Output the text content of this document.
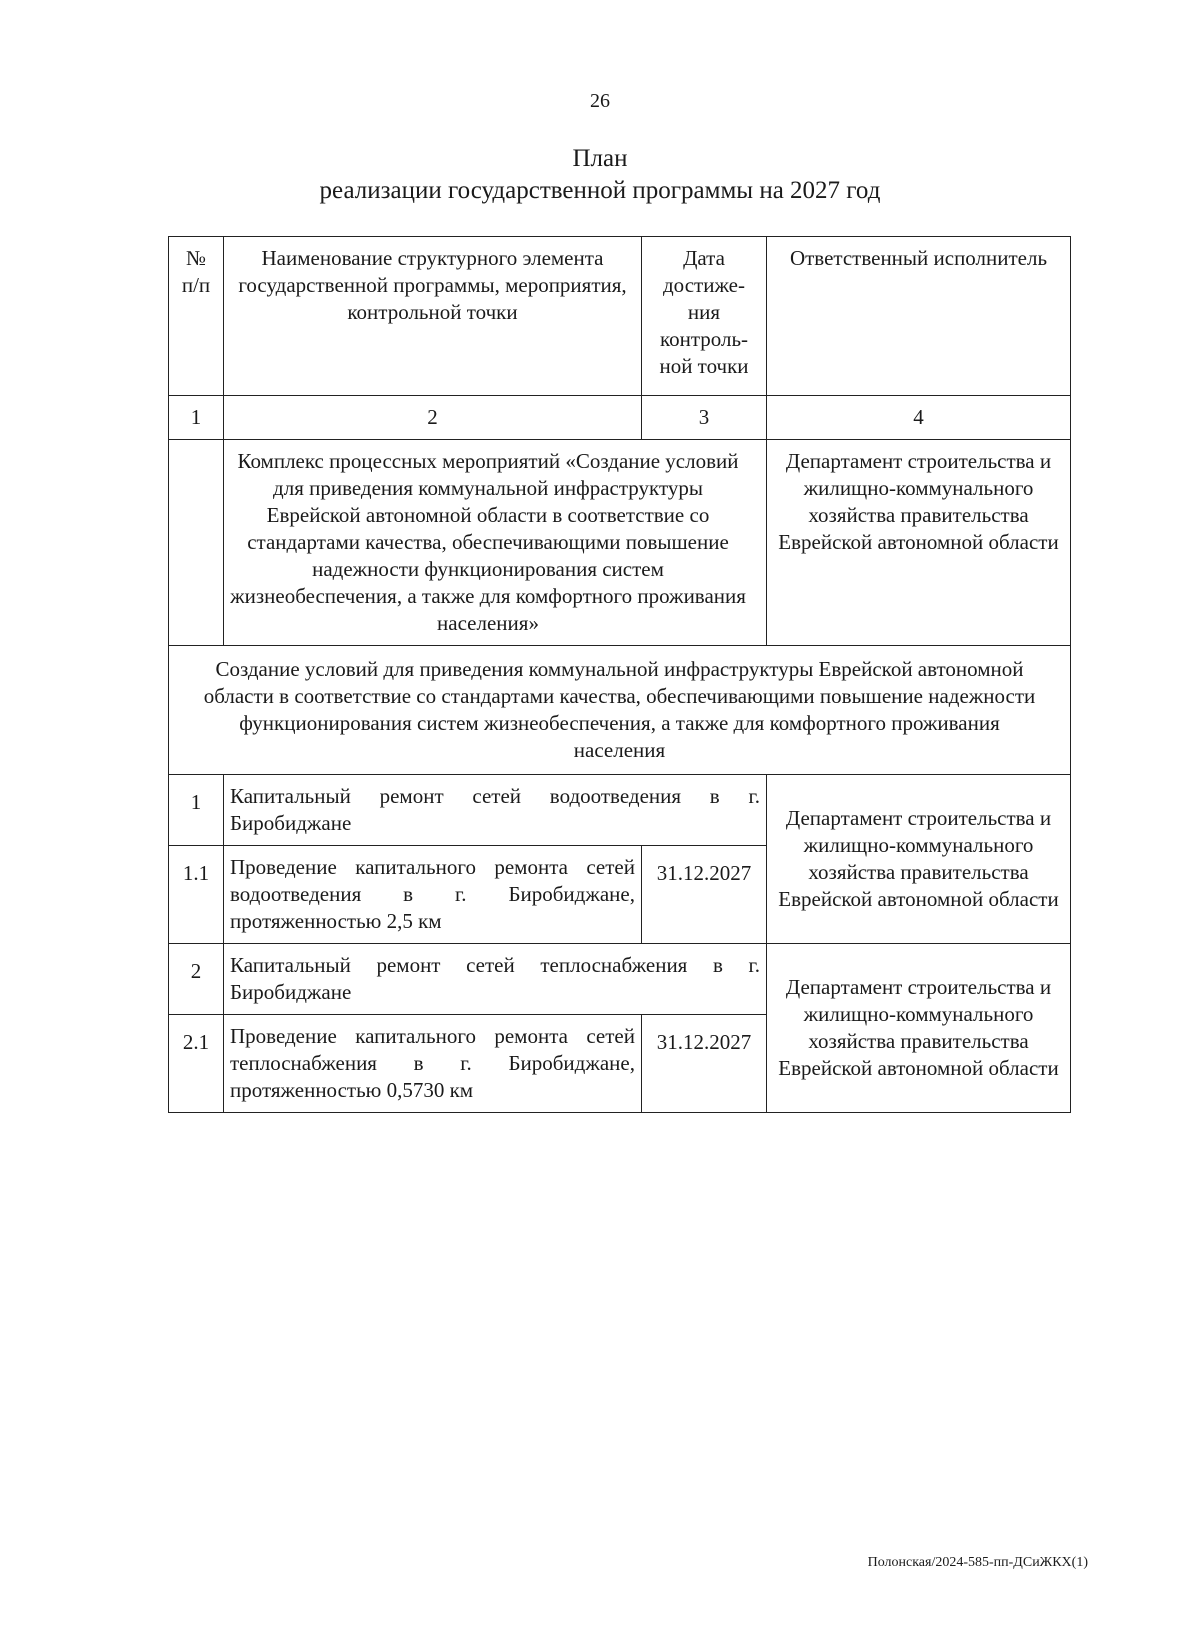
26
План
реализации государственной программы на 2027 год
№ п/п	Наименование структурного элемента государственной программы, мероприятия, контрольной точки	Дата достиже-ния контроль-ной точки	Ответственный исполнитель
1	2	3	4
	Комплекс процессных мероприятий «Создание условий для приведения коммунальной инфраструктуры Еврейской автономной области в соответствие со стандартами качества, обеспечивающими повышение надежности функционирования систем жизнеобеспечения, а также для комфортного проживания населения»		Департамент строительства и жилищно-коммунального хозяйства правительства Еврейской автономной области
Создание условий для приведения коммунальной инфраструктуры Еврейской автономной области в соответствие со стандартами качества, обеспечивающими повышение надежности функционирования систем жизнеобеспечения, а также для комфортного проживания населения			
1	Капитальный ремонт сетей водоотведения в г. Биробиджане		Департамент строительства и жилищно-коммунального хозяйства правительства Еврейской автономной области
1.1	Проведение капитального ремонта сетей водоотведения в г. Биробиджане, протяженностью 2,5 км	31.12.2027	
2	Капитальный ремонт сетей теплоснабжения в г. Биробиджане		Департамент строительства и жилищно-коммунального хозяйства правительства Еврейской автономной области
2.1	Проведение капитального ремонта сетей теплоснабжения в г. Биробиджане, протяженностью 0,5730 км	31.12.2027	
Полонская/2024-585-пп-ДСиЖКХ(1)
